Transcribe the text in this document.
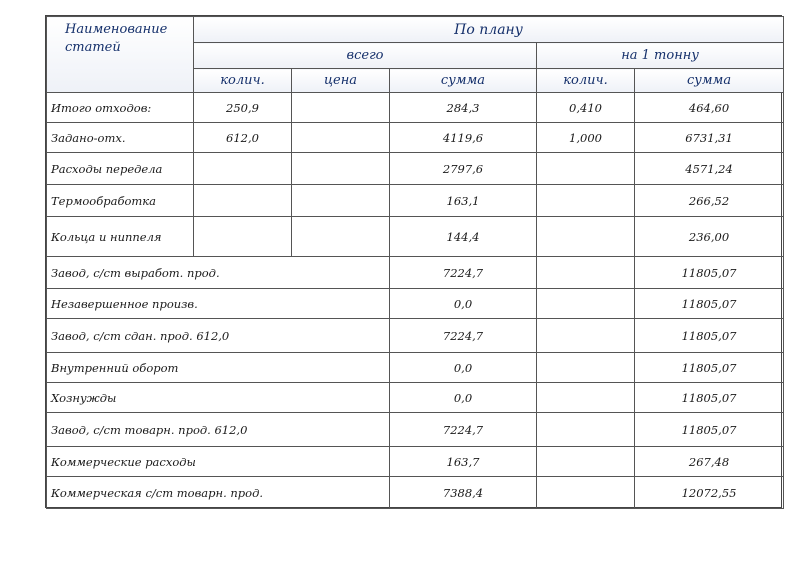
Наименование
статей	По плану				
	всего			на 1 тонну	
	колич.	цена	сумма	колич.	сумма
Итого отходов:	250,9		284,3	0,410	464,60
Задано-отх.	612,0		4119,6	1,000	6731,31
Расходы передела			2797,6		4571,24
Термообработка			163,1		266,52
Кольца и ниппеля			144,4		236,00
Завод, с/ст выработ. прод.			7224,7		11805,07
Незавершенное произв.			0,0		11805,07
Завод, с/ст сдан. прод. 612,0			7224,7		11805,07
Внутренний оборот			0,0		11805,07
Хознужды			0,0		11805,07
Завод, с/ст товарн. прод. 612,0			7224,7		11805,07
Коммерческие расходы			163,7		267,48
Коммерческая с/ст товарн. прод.			7388,4		12072,55
